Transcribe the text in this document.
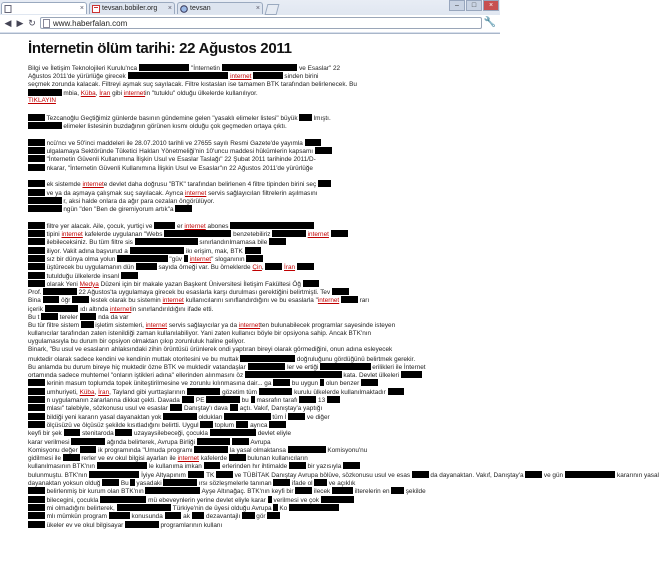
×	tevsan.bobiler.org ×	tevsan	×	–	□	×
◀ ▶ ↻	www.haberfalan.com	🔧
İnternetin ölüm tarihi: 22 Ağustos 2011
Bilgi ve İletişim Teknolojileri Kurulu'nca	"İnternetin	ve Esaslar" 22
Ağustos 2011'de yürürlüğe girecek	internet	sinden birini
seçmek zorunda kalacak. Filtreyi aşmak suç sayılacak. Filtre kıstasları ise tamamen BTK tarafından belirlenecek. Bu
mbia, Küba, İran gibi internetin "tutuklu" olduğu ülkelerde kullanılıyor.
TIKLAYIN
Tezcanoğlu Geçtiğimiz günlerde basının gündemine gelen "yasaklı elimeler listesi" büyük  lmıştı.
elimeler listesinin buzdağının görünen kısmı olduğu çok geçmeden ortaya çıktı.
ncü'ncı ve 50'inci maddeleri ile 28.07.2010 tarihli ve 27655 sayılı Resmi Gazete'de yayımla
ulgalamaya Sektöründe Tüketici Hakları Yönetmeliği'nin 10'uncu maddesi hükümlerin kapsamı
"İnternetin Güvenli Kullanımına İlişkin Usul ve Esaslar Taslağı" 22 Şubat 2011 tarihinde 2011/D-
nkarar, "İnternetin Güvenli Kullanımına İlişkin Usul ve Esaslar"ın 22 Ağustos 2011'de yürürlüğe
ek sistemde internete devlet daha doğrusu "BTK" tarafından belirlenen 4 filtre tipinden birini seç
ve ya da aşmaya çalışmak suç sayılacak. Ayrıca internet servis sağlayıcıları filtrelerin aşılmasını
r, aksi halde onlara da ağır para cezaları öngörülüyor.
ngün "den "Ben de giremiyorum artık"a
filtre yer alacak. Aile, çocuk, yurtiçi ve	er internet abones
tipini internet kafelerde uygulanan "Webs	benzetebiliriz	internet
ilebileceksiniz. Bu tüm filtre sis	sınırlandırılmamasa bile
iliyor. Vakit adına başvurud a	ikı erişim, mak, BTK
sız bir dünya olma yolun	"güv  internet" sloganının
üştürecek bu uygulamanın dün	sayıda örneği var. Bu örneklerde Çin,	İran
tutulduğu ülkelerde insanl
olarak Yeni Medya Düzeni için bir makale yazan Başkent Üniversitesi İletişim Fakültesi Öğ
Prof.	22 Ağustos'ta uygulamaya girecek bu esaslarla karşı durulması gerektiğini belirtmişti. Tev
Bina	öğr	lestek olarak bu sistemin internet kullanıcılarını sınıflandırdığını ve bu esaslarla "internet	rarı
içerik	ıdı altında internetin sınırlandırıldığını ifade etti.
Bu t	tereler	nda da var
Bu tür filtre sistem  işletim sistemleri, internet servis sağlayıcılar ya da internetten bulunabilecek programlar sayesinde isteyen
kullanıcılar tarafından zaten istenildiği zaman kullanılabiliyor. Yani zaten kullanıcı böyle bir opsiyona sahip. Ancak BTK'nın
uygulamasıyla bu durum bir opsiyon olmaktan çıkıp zorunluluk haline geliyor.
Binark, "Bu usul ve esasların ahlaksındaki zihin örüntüsü ürünlerek ondi yaptıran bireyi olarak görmediğini, onun adına esleyecek
muktedir olarak sadece kendini ve kendinin muttak otoritesini ve bu muttak	doğruluğunu gördüğünü belirtmek gerekir.
Bu anlamda bu durum bireye hiç muktedir özne BTK ve muktedir vatandaşlar	ler ve ertiği	erilikleri ile İnternet
ortamında sadece muhtemel "onların iştikleri adına" ellerinden alınmasını öz	kata. Devlet ülkeleri
lerinin masum toplumda topek üniteştirilmesine ve zorunlu kılınmasına dair... ga	bu uygun  olun benzer
umhuriyeti, Küba, İran, Tayland gibi yurttaşlarının	gözetim tüm	kurulu ülkelerde kullanılmaktadır
n uygulamanın zararlarına dikkat çekti. Davada  PE	bu  masrafın tarafı	13
mlası" talebiyle, sözkonusu usul ve esaslar  Danıştay'ı dava  açtı. Vakıf, Danıştay'a yaptığı
bildiği yeni kararın yasal dayanaktan yok	oldukları	tüm İ	ve diğer
ölçüsüzü ve ölçüsüz şekilde kısıtladığını belirtti. Uygul  toplum  ayrıca
keyfi bir şek	stenitaroda	uzayaysilebeceği, çocukla	devlet eliyle
karar verilmesi	ağında belirterek, Avrupa Birliği	Avrupa
Komisyonu değer	ik programında "Umuda programı	la yasal olmaktansa	Komisyonu'nu
gidilmesi ile	rerler ve ev okul bilgisi ayarları ile internet kafelerde	bulunan kullanıcıların
kullanılmasının BTK'nın	le kullanıma imkan	erlerinden hır ihtimalde	bir yazısıyla
bulunmuştu. BTK'nın	İyiye Altyapınım	TK	ve TÜBİTAK Danıştay Avrupa bölüve, sözkonusu usul ve esas	da dayanaktan. Vakıf, Danıştay'a	ve gün	kararının yasal
dayanaktan yoksun olduğ	Bu  yasadaki	ırsı sözleşmelerle tanınan	ifade ol  ve açıklık
belirlenmiş bir kurum olan BTK'nın	Ayşe Altınağaç. BTK'nın keyfi bir	ilecek	ilterelerin en  şekilde
bilecegini, çocukla	mü ebeveynlerin yerine devlet eliyle karar  verilmesi ve çok
mi olmadığını belirterek,	Türkiye'nin de üyesi olduğu Avrupa  Ko
mlı mümkün program	konusunda	ak  dezavantajlı  gör
ükeler ev ve okul bilgisayar	programlarının kullanı
